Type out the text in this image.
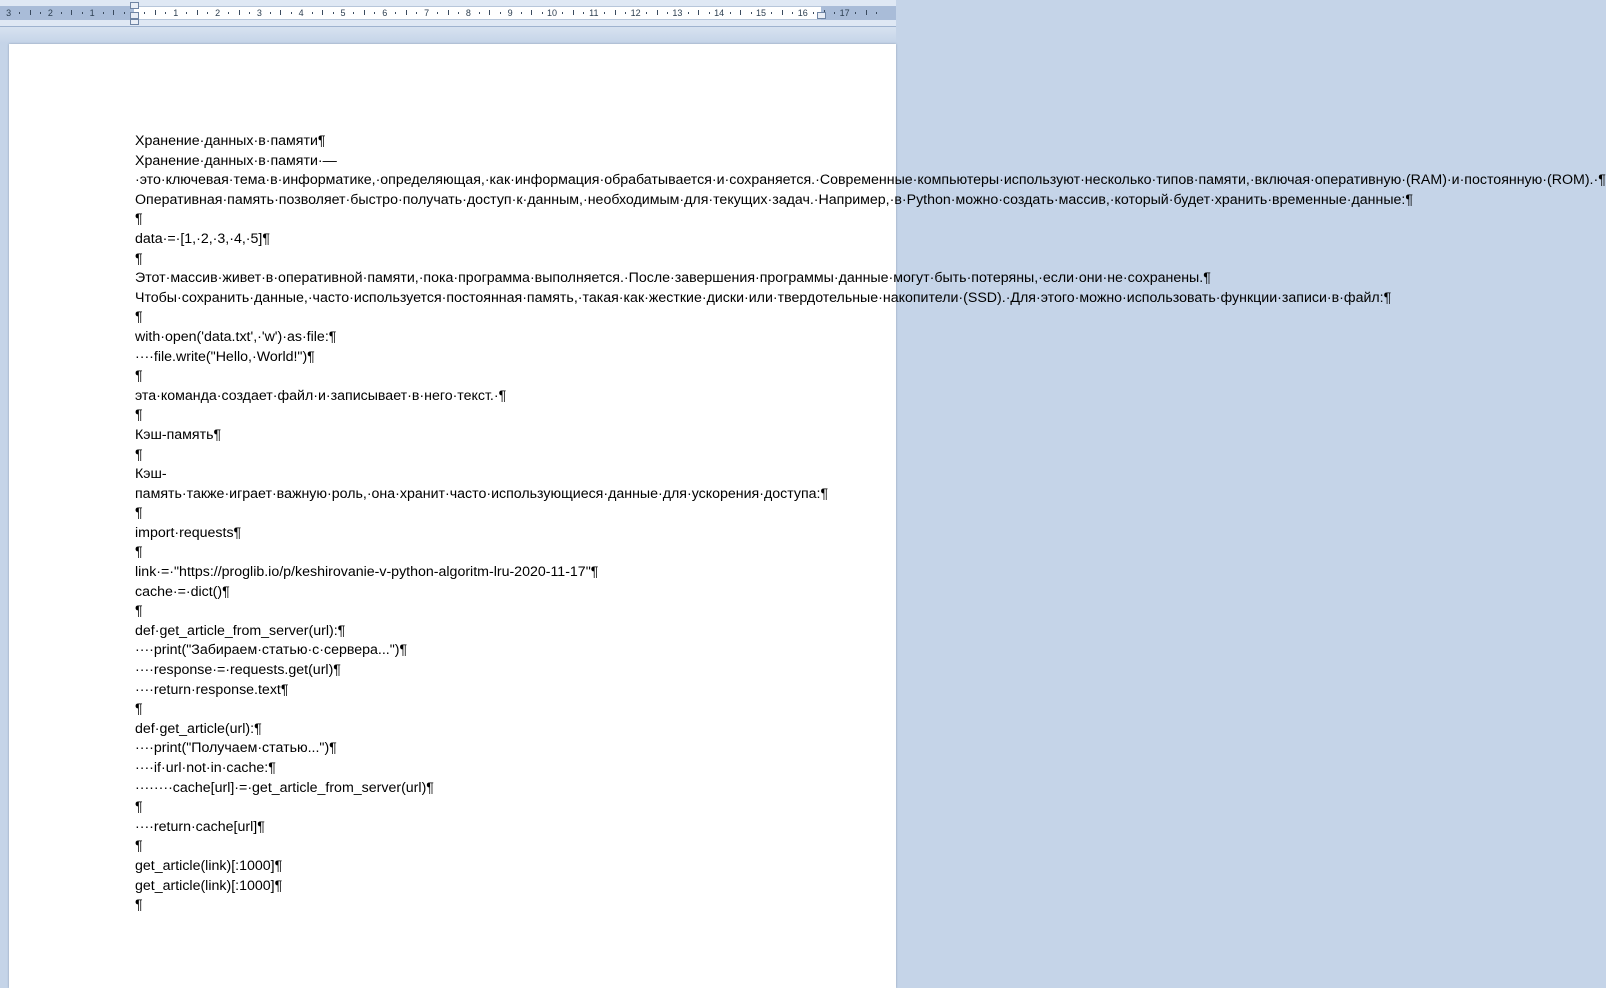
3	2	1	1	2	3	4	5	6	7	8	9	10	11	12	13	14	15	16	17

Хранение·данных·в·памяти¶

Хранение·данных·в·памяти·—·это·ключевая·тема·в·информатике,·определяющая,·как·информация·обрабатывается·и·сохраняется.·Современные·компьютеры·используют·несколько·типов·памяти,·включая·оперативную·(RAM)·и·постоянную·(ROM).·¶

Оперативная·память·позволяет·быстро·получать·доступ·к·данным,·необходимым·для·текущих·задач.·Например,·в·Python·можно·создать·массив,·который·будет·хранить·временные·данные:¶

¶

data·=·[1,·2,·3,·4,·5]¶

¶

Этот·массив·живет·в·оперативной·памяти,·пока·программа·выполняется.·После·завершения·программы·данные·могут·быть·потеряны,·если·они·не·сохранены.¶

Чтобы·сохранить·данные,·часто·используется·постоянная·память,·такая·как·жесткие·диски·или·твердотельные·накопители·(SSD).·Для·этого·можно·использовать·функции·записи·в·файл:¶

¶

with·open('data.txt',·'w')·as·file:¶

····file.write("Hello,·World!")¶

¶

эта·команда·создает·файл·и·записывает·в·него·текст.·¶

¶

Кэш-память¶

¶

Кэш-память·также·играет·важную·роль,·она·хранит·часто·использующиеся·данные·для·ускорения·доступа:¶

¶

import·requests¶

¶

link·=·"https://proglib.io/p/keshirovanie-v-python-algoritm-lru-2020-11-17"¶

cache·=·dict()¶

¶

def·get_article_from_server(url):¶

····print("Забираем·статью·с·сервера...")¶

····response·=·requests.get(url)¶

····return·response.text¶

¶

def·get_article(url):¶

····print("Получаем·статью...")¶

····if·url·not·in·cache:¶

········cache[url]·=·get_article_from_server(url)¶

¶

····return·cache[url]¶

¶

get_article(link)[:1000]¶

get_article(link)[:1000]¶

¶
